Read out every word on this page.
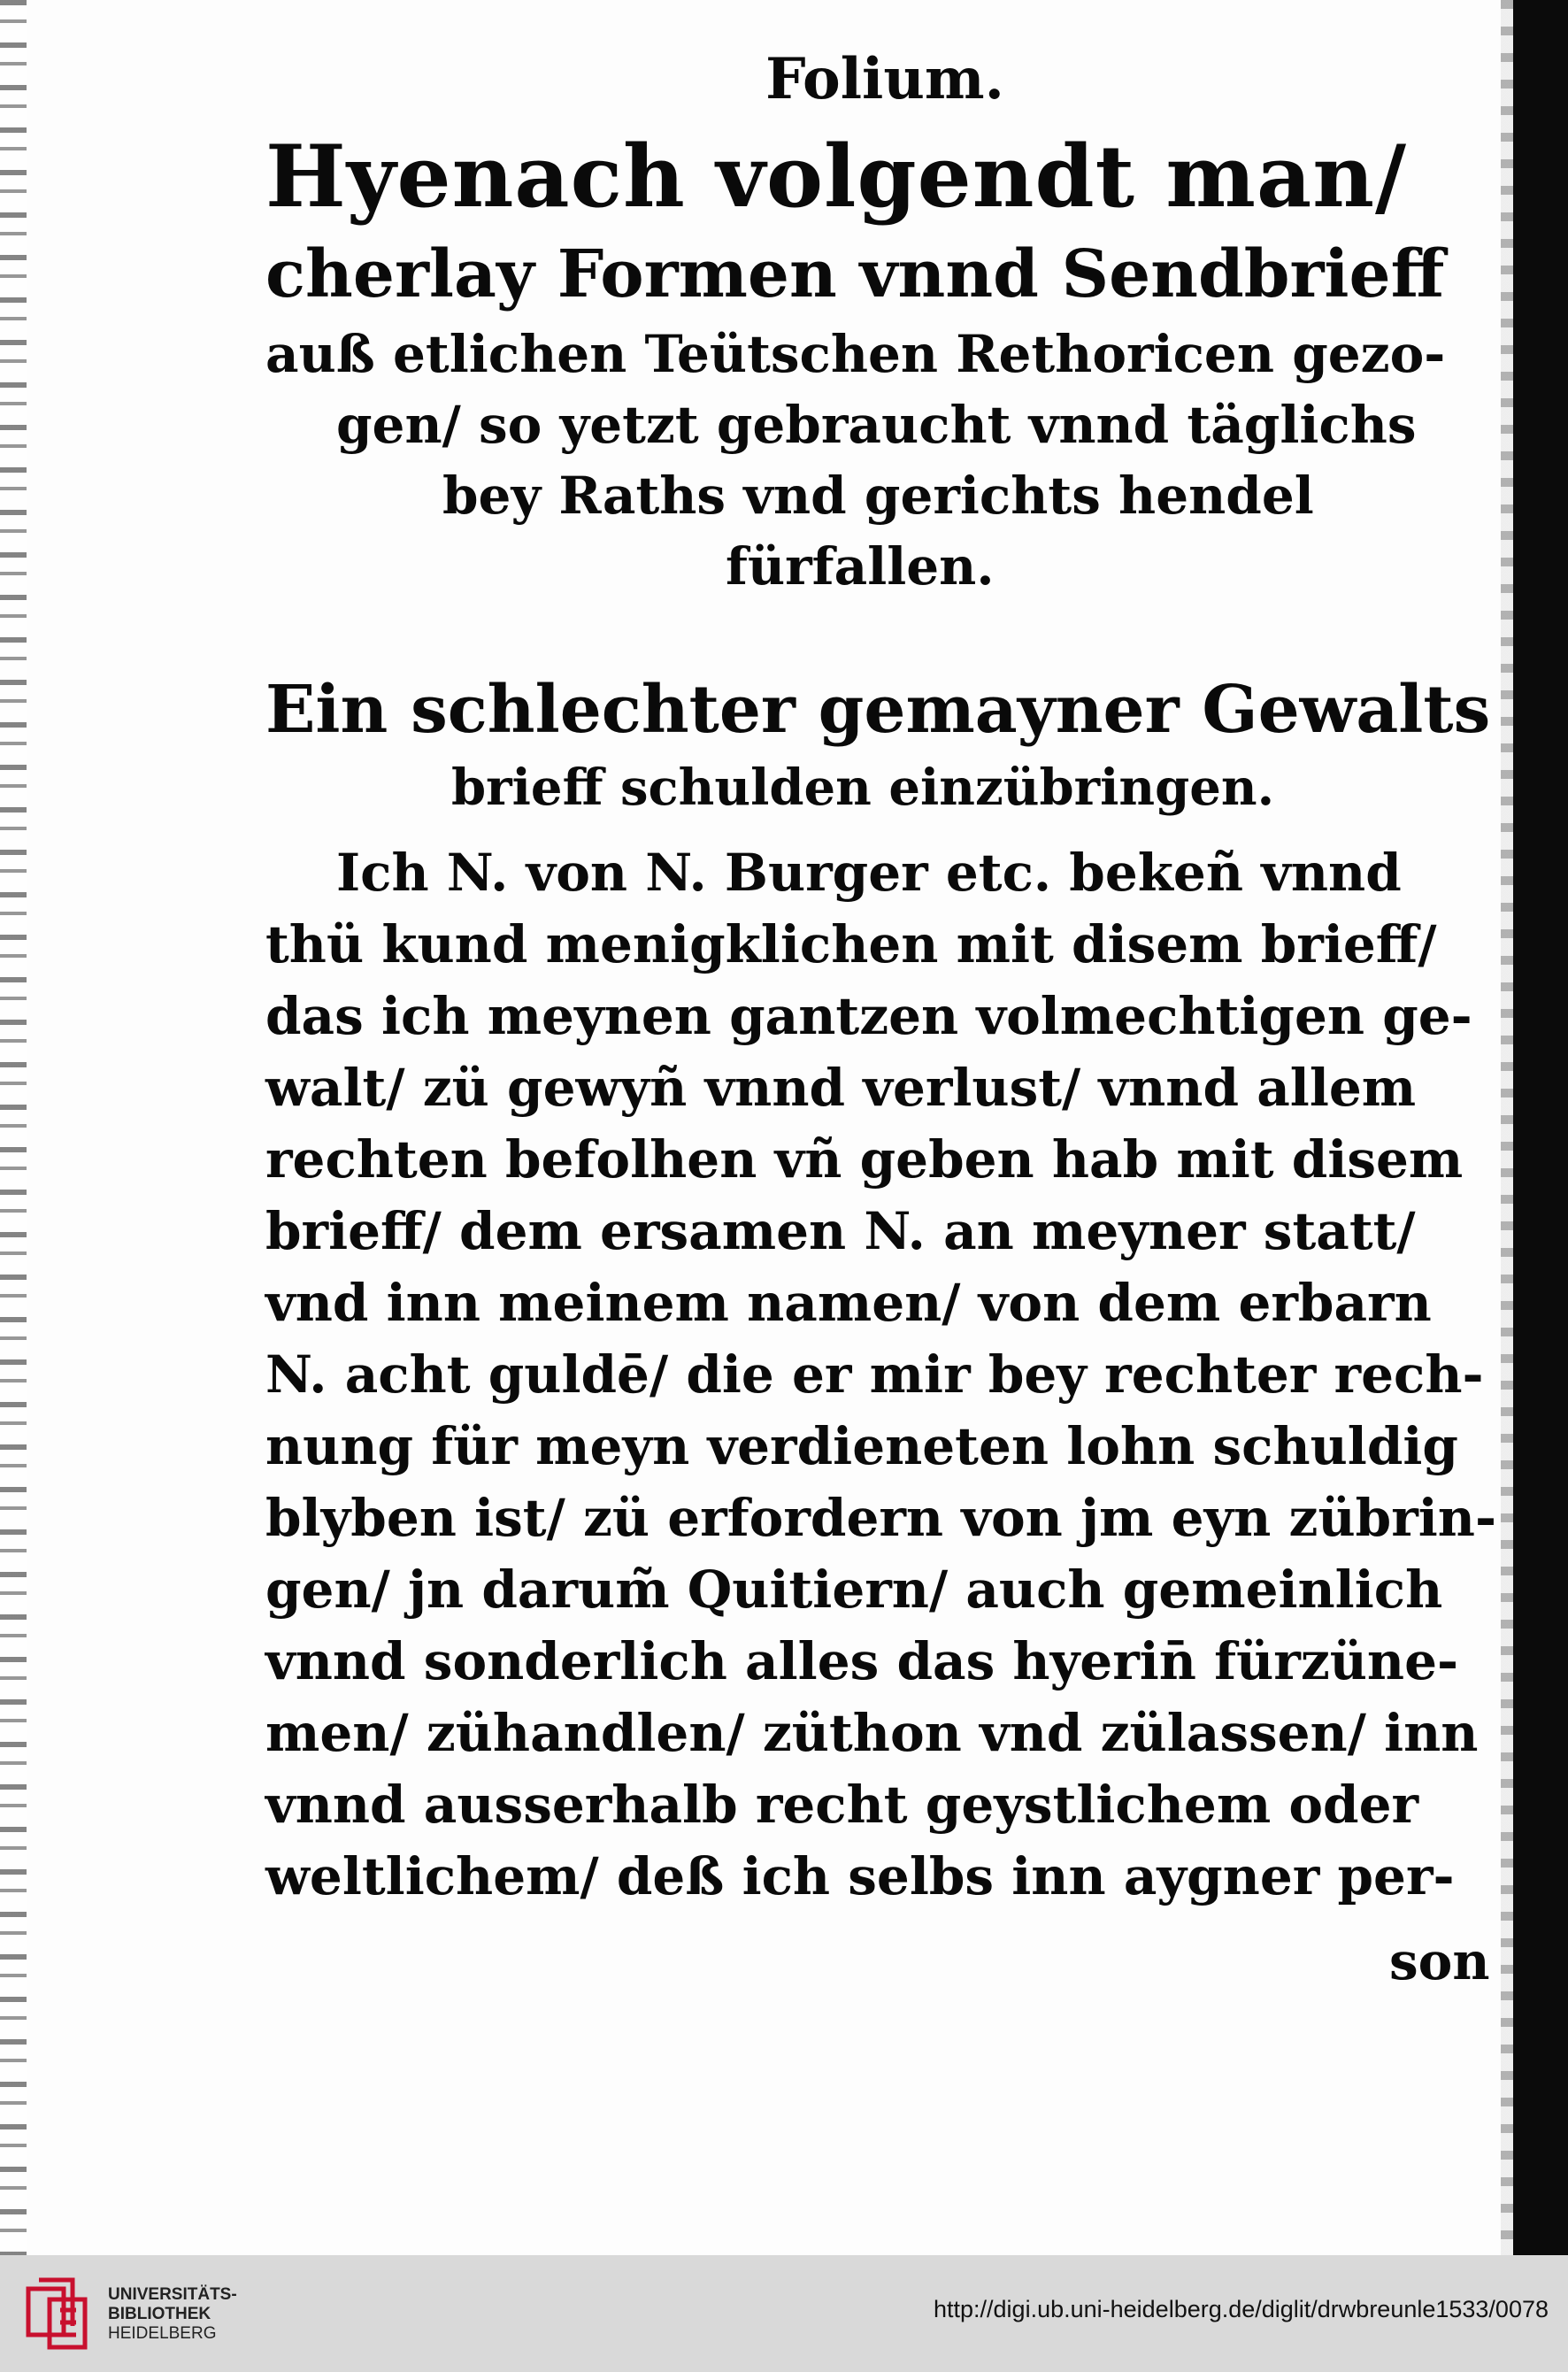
Folium.
Hyenach volgendt man/
cherlay Formen vnnd Sendbrieff
auß etlichen Teütschen Rethoricen gezo-
gen/ so yetzt gebraucht vnnd täglichs
bey Raths vnd gerichts hendel
fürfallen.
Ein schlechter gemayner Gewalts
brieff schulden einzübringen.
Ich N. von N. Burger etc. bekeñ vnnd
thü kund menigklichen mit disem brieff/
das ich meynen gantzen volmechtigen ge-
walt/ zü gewyñ vnnd verlust/ vnnd allem
rechten befolhen vñ geben hab mit disem
brieff/ dem ersamen N. an meyner statt/
vnd inn meinem namen/ von dem erbarn
N. acht guldē/ die er mir bey rechter rech-
nung für meyn verdieneten lohn schuldig
blyben ist/ zü erfordern von jm eyn zübrin-
gen/ jn darum̃ Quitiern/ auch gemeinlich
vnnd sonderlich alles das hyerin̄ fürzüne-
men/ zühandlen/ züthon vnd zülassen/ inn
vnnd ausserhalb recht geystlichem oder
weltlichem/ deß ich selbs inn aygner per-
son
UNIVERSITÄTS-
BIBLIOTHEK
HEIDELBERG
http://digi.ub.uni-heidelberg.de/diglit/drwbreunle1533/0078
